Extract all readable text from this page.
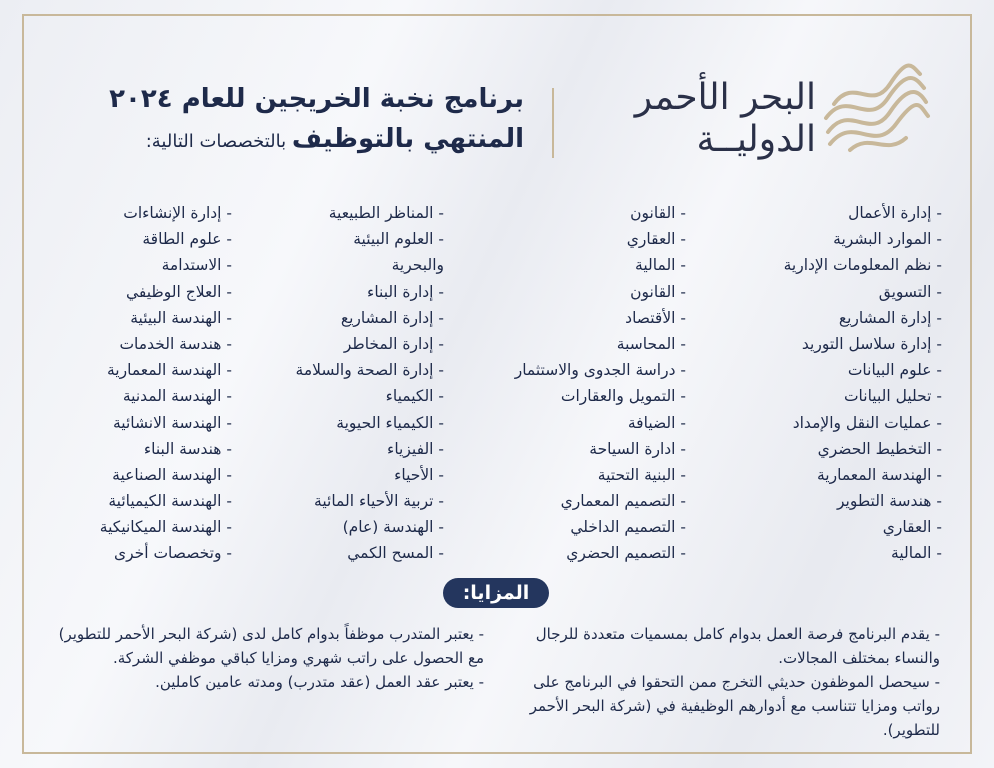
البحر الأحمر
الدوليــة
برنامج نخبة الخريجين للعام ٢٠٢٤
المنتهي بالتوظيف بالتخصصات التالية:
- إدارة الأعمال
- الموارد البشرية
- نظم المعلومات الإدارية
- التسويق
- إدارة المشاريع
- إدارة سلاسل التوريد
- علوم البيانات
- تحليل البيانات
- عمليات النقل والإمداد
- التخطيط الحضري
- الهندسة المعمارية
- هندسة التطوير
- العقاري
- المالية
- القانون
- العقاري
- المالية
- القانون
- الأقتصاد
- المحاسبة
- دراسة الجدوى والاستثمار
- التمويل والعقارات
- الضيافة
- ادارة السياحة
- البنية التحتية
- التصميم المعماري
- التصميم الداخلي
- التصميم الحضري
- المناظر الطبيعية
- العلوم البيئية
والبحرية
- إدارة البناء
- إدارة المشاريع
- إدارة المخاطر
- إدارة الصحة والسلامة
- الكيمياء
- الكيمياء الحيوية
- الفيزياء
- الأحياء
- تربية الأحياء المائية
- الهندسة (عام)
- المسح الكمي
- إدارة الإنشاءات
- علوم الطاقة
- الاستدامة
- العلاج الوظيفي
- الهندسة البيئية
- هندسة الخدمات
- الهندسة المعمارية
- الهندسة المدنية
- الهندسة الانشائية
- هندسة البناء
- الهندسة الصناعية
- الهندسة الكيميائية
- الهندسة الميكانيكية
- وتخصصات أخرى
المزايا:
- يقدم البرنامج فرصة العمل بدوام كامل بمسميات متعددة للرجال والنساء بمختلف المجالات.
- سيحصل الموظفون حديثي التخرج ممن التحقوا في البرنامج على رواتب ومزايا تتناسب مع أدوارهم الوظيفية في (شركة البحر الأحمر للتطوير).
- يعتبر المتدرب موظفاً بدوام كامل لدى (شركة البحر الأحمر للتطوير) مع الحصول على راتب شهري ومزايا كباقي موظفي الشركة.
- يعتبر عقد العمل (عقد متدرب) ومدته عامين كاملين.
